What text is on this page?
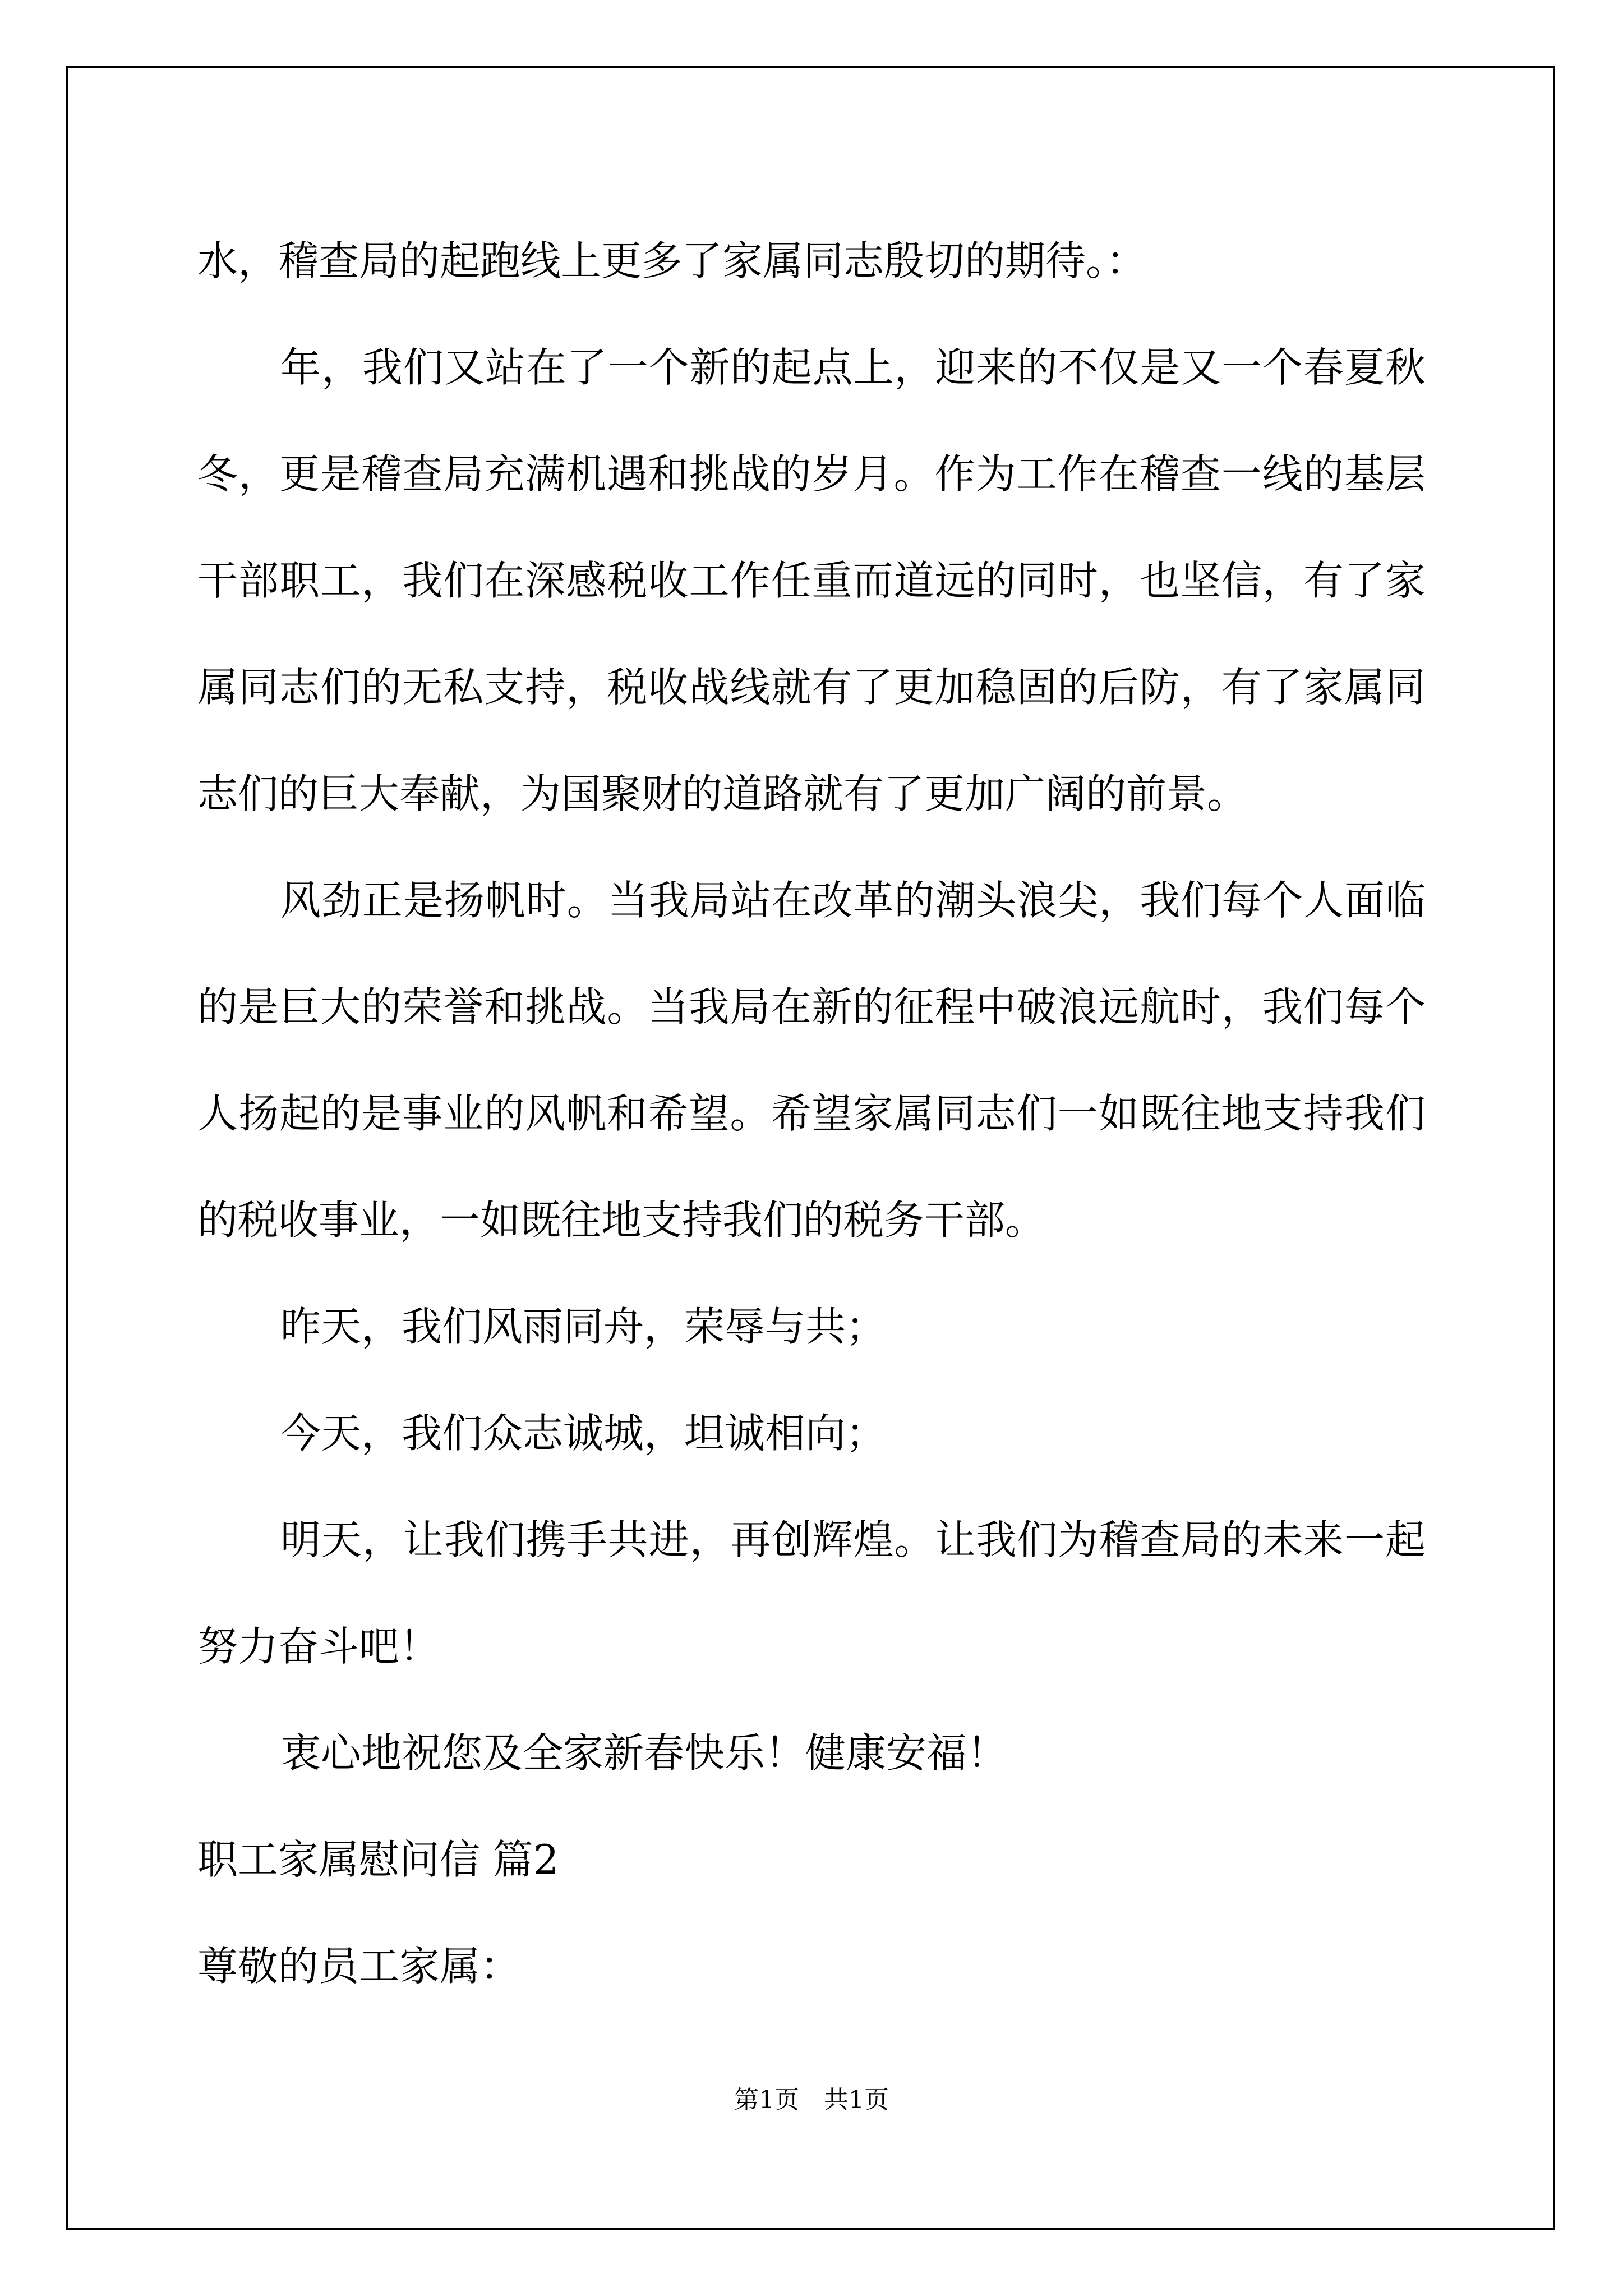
水，稽查局的起跑线上更多了家属同志殷切的期待。：

年，我们又站在了一个新的起点上，迎来的不仅是又一个春夏秋冬，更是稽查局充满机遇和挑战的岁月。作为工作在稽查一线的基层干部职工，我们在深感税收工作任重而道远的同时，也坚信，有了家属同志们的无私支持，税收战线就有了更加稳固的后防，有了家属同志们的巨大奉献，为国聚财的道路就有了更加广阔的前景。

风劲正是扬帆时。当我局站在改革的潮头浪尖，我们每个人面临的是巨大的荣誉和挑战。当我局在新的征程中破浪远航时，我们每个人扬起的是事业的风帆和希望。希望家属同志们一如既往地支持我们的税收事业，一如既往地支持我们的税务干部。

昨天，我们风雨同舟，荣辱与共；

今天，我们众志诚城，坦诚相向；

明天，让我们携手共进，再创辉煌。让我们为稽查局的未来一起努力奋斗吧！

衷心地祝您及全家新春快乐！健康安福！

职工家属慰问信 篇2

尊敬的员工家属：

第1页　共1页
